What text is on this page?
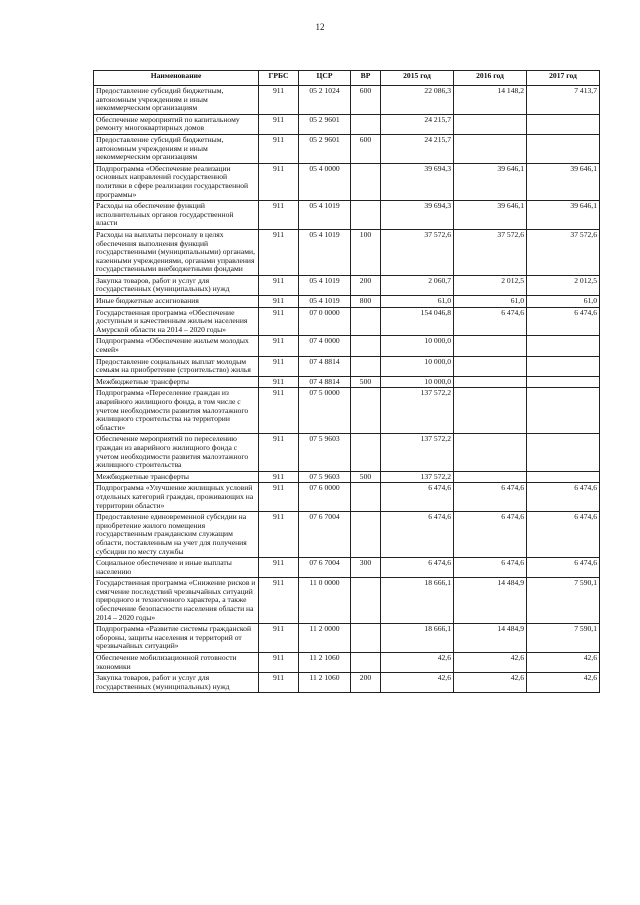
12
Наименование	ГРБС	ЦСР	ВР	2015 год	2016 год	2017 год
Предоставление субсидий бюджетным, автономным учреждениям и иным некоммерческим организациям	911	05 2 1024	600	22 086,3	14 148,2	7 413,7
Обеспечение мероприятий по капитальному ремонту многоквартирных домов	911	05 2 9601		24 215,7		
Предоставление субсидий бюджетным, автономным учреждениям и иным некоммерческим организациям	911	05 2 9601	600	24 215,7		
Подпрограмма «Обеспечение реализации основных направлений государственной политики в сфере реализации государственной программы»	911	05 4 0000		39 694,3	39 646,1	39 646,1
Расходы на обеспечение функций исполнительных органов государственной власти	911	05 4 1019		39 694,3	39 646,1	39 646,1
Расходы на выплаты персоналу в целях обеспечения выполнения функций государственными (муниципальными) органами, казенными учреждениями, органами управления государственными внебюджетными фондами	911	05 4 1019	100	37 572,6	37 572,6	37 572,6
Закупка товаров, работ и услуг для государственных (муниципальных) нужд	911	05 4 1019	200	2 060,7	2 012,5	2 012,5
Иные бюджетные ассигнования	911	05 4 1019	800	61,0	61,0	61,0
Государственная программа «Обеспечение доступным и качественным жильем населения Амурской области на 2014 – 2020 годы»	911	07 0 0000		154 046,8	6 474,6	6 474,6
Подпрограмма «Обеспечение жильем молодых семей»	911	07 4 0000		10 000,0		
Предоставление социальных выплат молодым семьям на приобретение (строительство) жилья	911	07 4 8814		10 000,0		
Межбюджетные трансферты	911	07 4 8814	500	10 000,0		
Подпрограмма «Переселение граждан из аварийного жилищного фонда, в том числе с учетом необходимости развития малоэтажного жилищного строительства на территории области»	911	07 5 0000		137 572,2		
Обеспечение мероприятий по переселению граждан из аварийного жилищного фонда с учетом необходимости развития малоэтажного жилищного строительства	911	07 5 9603		137 572,2		
Межбюджетные трансферты	911	07 5 9603	500	137 572,2		
Подпрограмма «Улучшение жилищных условий отдельных категорий граждан, проживающих на территории области»	911	07 6 0000		6 474,6	6 474,6	6 474,6
Предоставление единовременной субсидии на приобретение жилого помещения государственным гражданским служащим области, поставленным на учет для получения субсидии по месту службы	911	07 6 7004		6 474,6	6 474,6	6 474,6
Социальное обеспечение и иные выплаты населению	911	07 6 7004	300	6 474,6	6 474,6	6 474,6
Государственная программа «Снижение рисков и смягчение последствий чрезвычайных ситуаций природного и техногенного характера, а также обеспечение безопасности населения области на 2014 – 2020 годы»	911	11 0 0000		18 666,1	14 484,9	7 590,1
Подпрограмма «Развитие системы гражданской обороны, защиты населения и территорий от чрезвычайных ситуаций»	911	11 2 0000		18 666,1	14 484,9	7 590,1
Обеспечение мобилизационной готовности экономики	911	11 2 1060		42,6	42,6	42,6
Закупка товаров, работ и услуг для государственных (муниципальных) нужд	911	11 2 1060	200	42,6	42,6	42,6
